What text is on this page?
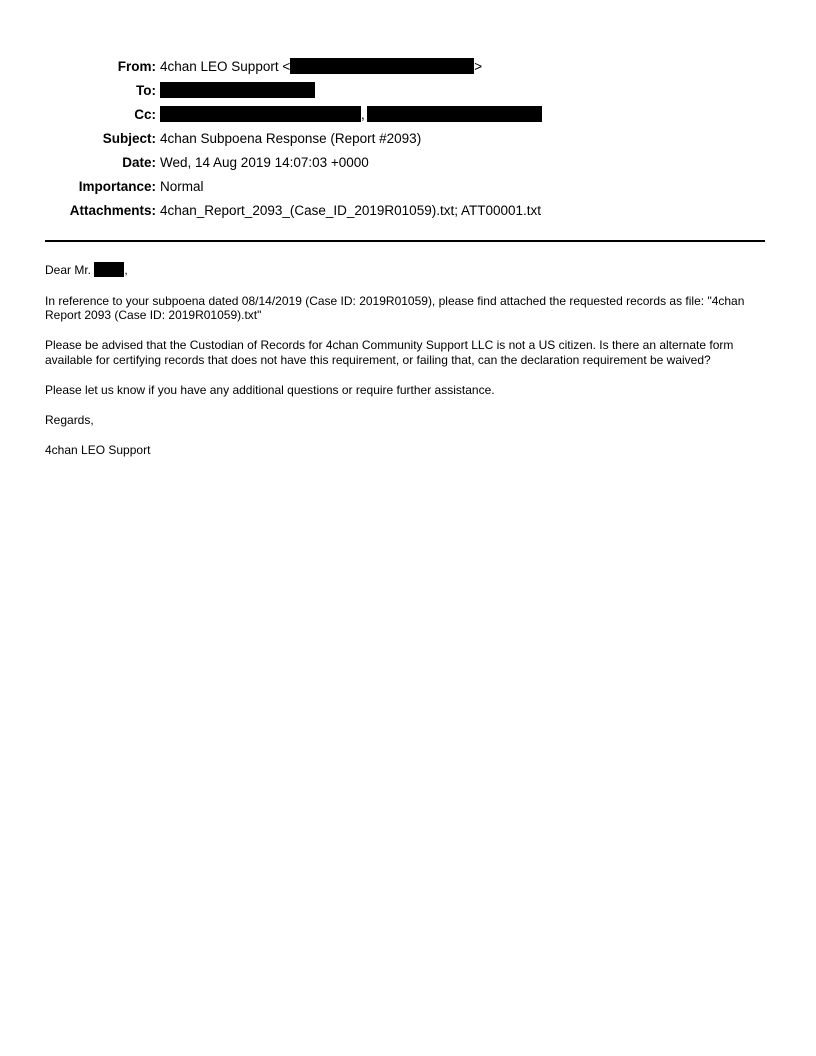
From: 4chan LEO Support <	>
To:
Cc:	,
Subject: 4chan Subpoena Response (Report #2093)
Date: Wed, 14 Aug 2019 14:07:03 +0000
Importance: Normal
Attachments: 4chan_Report_2093_(Case_ID_2019R01059).txt; ATT00001.txt

Dear Mr.	,

In reference to your subpoena dated 08/14/2019 (Case ID: 2019R01059), please find attached the requested records as file: "4chan Report 2093 (Case ID: 2019R01059).txt"

Please be advised that the Custodian of Records for 4chan Community Support LLC is not a US citizen. Is there an alternate form available for certifying records that does not have this requirement, or failing that, can the declaration requirement be waived?

Please let us know if you have any additional questions or require further assistance.

Regards,

4chan LEO Support
